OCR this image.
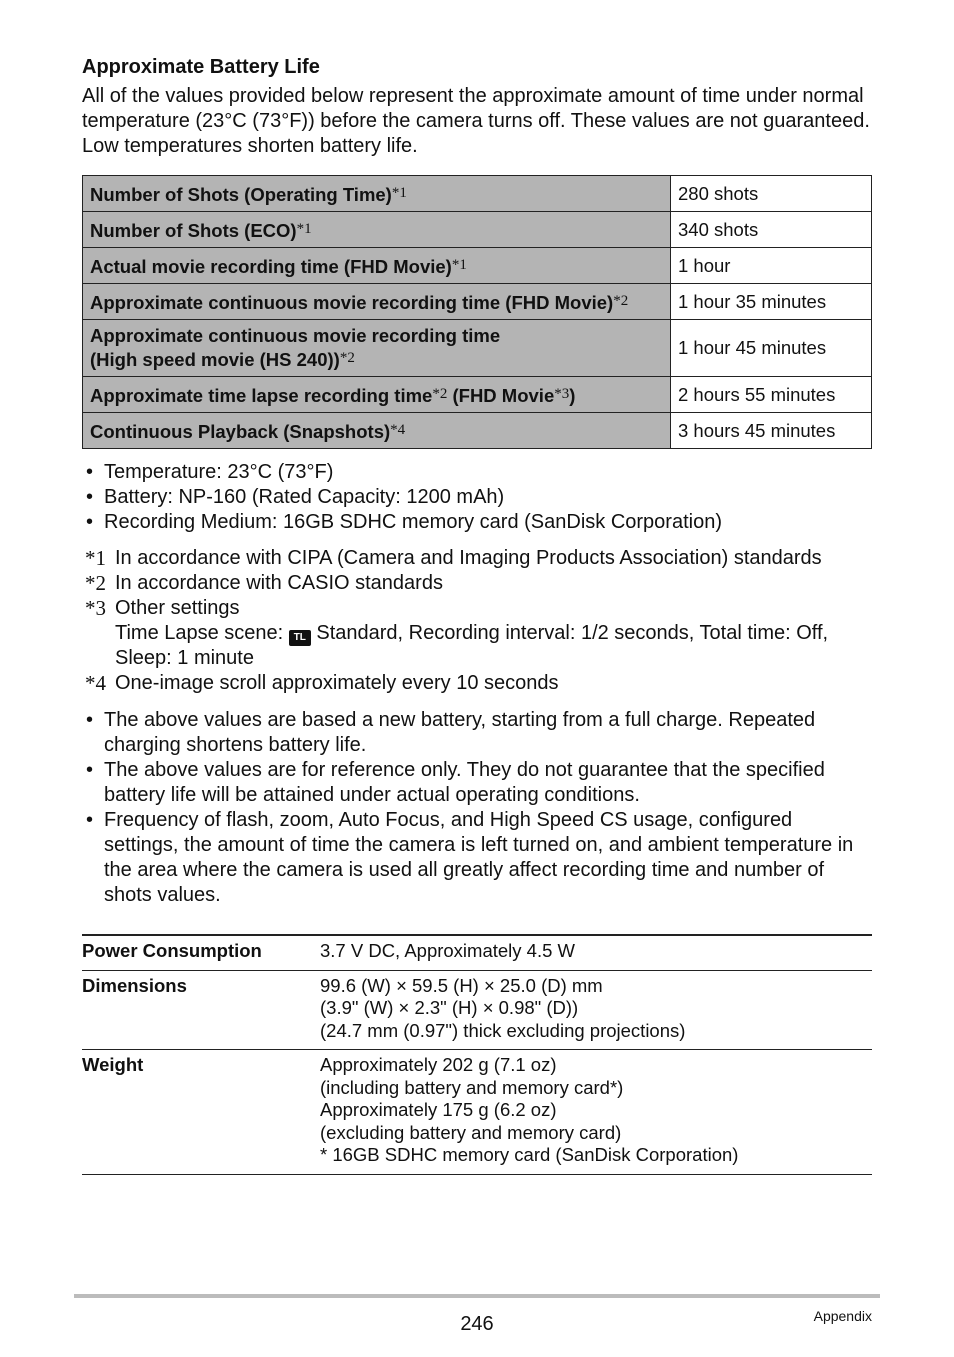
Approximate Battery Life

All of the values provided below represent the approximate amount of time under normal temperature (23°C (73°F)) before the camera turns off. These values are not guaranteed. Low temperatures shorten battery life.

Number of Shots (Operating Time)$^{*1}$	280 shots
Number of Shots (ECO)$^{*1}$	340 shots
Actual movie recording time (FHD Movie)$^{*1}$	1 hour
Approximate continuous movie recording time (FHD Movie)$^{*2}$	1 hour 35 minutes
Approximate continuous movie recording time
(High speed movie (HS 240))$^{*2}$	1 hour 45 minutes
Approximate time lapse recording time$^{*2}$ (FHD Movie$^{*3}$)	2 hours 55 minutes
Continuous Playback (Snapshots)$^{*4}$	3 hours 45 minutes
• Temperature: 23°C (73°F)
• Battery: NP-160 (Rated Capacity: 1200 mAh)
• Recording Medium: 16GB SDHC memory card (SanDisk Corporation)
*1 In accordance with CIPA (Camera and Imaging Products Association) standards
*2 In accordance with CASIO standards
*3 Other settings
Time Lapse scene: TL Standard, Recording interval: 1/2 seconds, Total time: Off, Sleep: 1 minute
*4 One-image scroll approximately every 10 seconds
• The above values are based a new battery, starting from a full charge. Repeated charging shortens battery life.
• The above values are for reference only. They do not guarantee that the specified battery life will be attained under actual operating conditions.
• Frequency of flash, zoom, Auto Focus, and High Speed CS usage, configured settings, the amount of time the camera is left turned on, and ambient temperature in the area where the camera is used all greatly affect recording time and number of shots values.
Power Consumption	3.7 V DC, Approximately 4.5 W

Dimensions	99.6 (W) × 59.5 (H) × 25.0 (D) mm
(3.9" (W) × 2.3" (H) × 0.98" (D))
(24.7 mm (0.97") thick excluding projections)

Weight	Approximately 202 g (7.1 oz)
(including battery and memory card*)
Approximately 175 g (6.2 oz)
(excluding battery and memory card)
* 16GB SDHC memory card (SanDisk Corporation)
246	Appendix
